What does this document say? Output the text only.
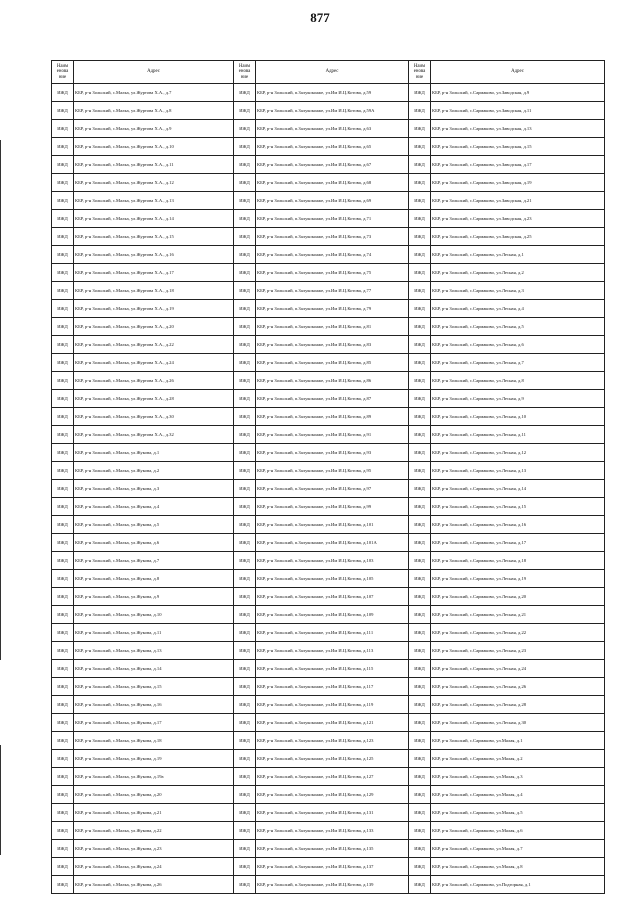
877
Наим енова ние	Адрес	Наим енова ние	Адрес	Наим енова ние	Адрес
ИЖД	КБР, р-н Зольский, с.Малка, ул.Журтова Х.А., д.7	ИЖД	КБР, р-н Зольский, п.Залукокоаже, ул.Им И.Ц.Котова, д.59	ИЖД	КБР, р-н Зольский, с.Сармаково, ул.Заводская, д.9
ИЖД	КБР, р-н Зольский, с.Малка, ул.Журтова Х.А., д.8	ИЖД	КБР, р-н Зольский, п.Залукокоаже, ул.Им И.Ц.Котова, д.59А	ИЖД	КБР, р-н Зольский, с.Сармаково, ул.Заводская, д.11
ИЖД	КБР, р-н Зольский, с.Малка, ул.Журтова Х.А., д.9	ИЖД	КБР, р-н Зольский, п.Залукокоаже, ул.Им И.Ц.Котова, д.63	ИЖД	КБР, р-н Зольский, с.Сармаково, ул.Заводская, д.13
ИЖД	КБР, р-н Зольский, с.Малка, ул.Журтова Х.А., д.10	ИЖД	КБР, р-н Зольский, п.Залукокоаже, ул.Им И.Ц.Котова, д.65	ИЖД	КБР, р-н Зольский, с.Сармаково, ул.Заводская, д.15
ИЖД	КБР, р-н Зольский, с.Малка, ул.Журтова Х.А., д.11	ИЖД	КБР, р-н Зольский, п.Залукокоаже, ул.Им И.Ц.Котова, д.67	ИЖД	КБР, р-н Зольский, с.Сармаково, ул.Заводская, д.17
ИЖД	КБР, р-н Зольский, с.Малка, ул.Журтова Х.А., д.12	ИЖД	КБР, р-н Зольский, п.Залукокоаже, ул.Им И.Ц.Котова, д.68	ИЖД	КБР, р-н Зольский, с.Сармаково, ул.Заводская, д.19
ИЖД	КБР, р-н Зольский, с.Малка, ул.Журтова Х.А., д.13	ИЖД	КБР, р-н Зольский, п.Залукокоаже, ул.Им И.Ц.Котова, д.69	ИЖД	КБР, р-н Зольский, с.Сармаково, ул.Заводская, д.21
ИЖД	КБР, р-н Зольский, с.Малка, ул.Журтова Х.А., д.14	ИЖД	КБР, р-н Зольский, п.Залукокоаже, ул.Им И.Ц.Котова, д.71	ИЖД	КБР, р-н Зольский, с.Сармаково, ул.Заводская, д.23
ИЖД	КБР, р-н Зольский, с.Малка, ул.Журтова Х.А., д.15	ИЖД	КБР, р-н Зольский, п.Залукокоаже, ул.Им И.Ц.Котова, д.73	ИЖД	КБР, р-н Зольский, с.Сармаково, ул.Заводская, д.25
ИЖД	КБР, р-н Зольский, с.Малка, ул.Журтова Х.А., д.16	ИЖД	КБР, р-н Зольский, п.Залукокоаже, ул.Им И.Ц.Котова, д.74	ИЖД	КБР, р-н Зольский, с.Сармаково, ул.Лесная, д.1
ИЖД	КБР, р-н Зольский, с.Малка, ул.Журтова Х.А., д.17	ИЖД	КБР, р-н Зольский, п.Залукокоаже, ул.Им И.Ц.Котова, д.75	ИЖД	КБР, р-н Зольский, с.Сармаково, ул.Лесная, д.2
ИЖД	КБР, р-н Зольский, с.Малка, ул.Журтова Х.А., д.18	ИЖД	КБР, р-н Зольский, п.Залукокоаже, ул.Им И.Ц.Котова, д.77	ИЖД	КБР, р-н Зольский, с.Сармаково, ул.Лесная, д.3
ИЖД	КБР, р-н Зольский, с.Малка, ул.Журтова Х.А., д.19	ИЖД	КБР, р-н Зольский, п.Залукокоаже, ул.Им И.Ц.Котова, д.79	ИЖД	КБР, р-н Зольский, с.Сармаково, ул.Лесная, д.4
ИЖД	КБР, р-н Зольский, с.Малка, ул.Журтова Х.А., д.20	ИЖД	КБР, р-н Зольский, п.Залукокоаже, ул.Им И.Ц.Котова, д.81	ИЖД	КБР, р-н Зольский, с.Сармаково, ул.Лесная, д.5
ИЖД	КБР, р-н Зольский, с.Малка, ул.Журтова Х.А., д.22	ИЖД	КБР, р-н Зольский, п.Залукокоаже, ул.Им И.Ц.Котова, д.83	ИЖД	КБР, р-н Зольский, с.Сармаково, ул.Лесная, д.6
ИЖД	КБР, р-н Зольский, с.Малка, ул.Журтова Х.А., д.24	ИЖД	КБР, р-н Зольский, п.Залукокоаже, ул.Им И.Ц.Котова, д.85	ИЖД	КБР, р-н Зольский, с.Сармаково, ул.Лесная, д.7
ИЖД	КБР, р-н Зольский, с.Малка, ул.Журтова Х.А., д.26	ИЖД	КБР, р-н Зольский, п.Залукокоаже, ул.Им И.Ц.Котова, д.86	ИЖД	КБР, р-н Зольский, с.Сармаково, ул.Лесная, д.8
ИЖД	КБР, р-н Зольский, с.Малка, ул.Журтова Х.А., д.28	ИЖД	КБР, р-н Зольский, п.Залукокоаже, ул.Им И.Ц.Котова, д.87	ИЖД	КБР, р-н Зольский, с.Сармаково, ул.Лесная, д.9
ИЖД	КБР, р-н Зольский, с.Малка, ул.Журтова Х.А., д.30	ИЖД	КБР, р-н Зольский, п.Залукокоаже, ул.Им И.Ц.Котова, д.89	ИЖД	КБР, р-н Зольский, с.Сармаково, ул.Лесная, д.10
ИЖД	КБР, р-н Зольский, с.Малка, ул.Журтова Х.А., д.32	ИЖД	КБР, р-н Зольский, п.Залукокоаже, ул.Им И.Ц.Котова, д.91	ИЖД	КБР, р-н Зольский, с.Сармаково, ул.Лесная, д.11
ИЖД	КБР, р-н Зольский, с.Малка, ул.Жукова, д.1	ИЖД	КБР, р-н Зольский, п.Залукокоаже, ул.Им И.Ц.Котова, д.93	ИЖД	КБР, р-н Зольский, с.Сармаково, ул.Лесная, д.12
ИЖД	КБР, р-н Зольский, с.Малка, ул.Жукова, д.2	ИЖД	КБР, р-н Зольский, п.Залукокоаже, ул.Им И.Ц.Котова, д.95	ИЖД	КБР, р-н Зольский, с.Сармаково, ул.Лесная, д.13
ИЖД	КБР, р-н Зольский, с.Малка, ул.Жукова, д.3	ИЖД	КБР, р-н Зольский, п.Залукокоаже, ул.Им И.Ц.Котова, д.97	ИЖД	КБР, р-н Зольский, с.Сармаково, ул.Лесная, д.14
ИЖД	КБР, р-н Зольский, с.Малка, ул.Жукова, д.4	ИЖД	КБР, р-н Зольский, п.Залукокоаже, ул.Им И.Ц.Котова, д.99	ИЖД	КБР, р-н Зольский, с.Сармаково, ул.Лесная, д.15
ИЖД	КБР, р-н Зольский, с.Малка, ул.Жукова, д.5	ИЖД	КБР, р-н Зольский, п.Залукокоаже, ул.Им И.Ц.Котова, д.101	ИЖД	КБР, р-н Зольский, с.Сармаково, ул.Лесная, д.16
ИЖД	КБР, р-н Зольский, с.Малка, ул.Жукова, д.6	ИЖД	КБР, р-н Зольский, п.Залукокоаже, ул.Им И.Ц.Котова, д.101А	ИЖД	КБР, р-н Зольский, с.Сармаково, ул.Лесная, д.17
ИЖД	КБР, р-н Зольский, с.Малка, ул.Жукова, д.7	ИЖД	КБР, р-н Зольский, п.Залукокоаже, ул.Им И.Ц.Котова, д.103	ИЖД	КБР, р-н Зольский, с.Сармаково, ул.Лесная, д.18
ИЖД	КБР, р-н Зольский, с.Малка, ул.Жукова, д.8	ИЖД	КБР, р-н Зольский, п.Залукокоаже, ул.Им И.Ц.Котова, д.105	ИЖД	КБР, р-н Зольский, с.Сармаково, ул.Лесная, д.19
ИЖД	КБР, р-н Зольский, с.Малка, ул.Жукова, д.9	ИЖД	КБР, р-н Зольский, п.Залукокоаже, ул.Им И.Ц.Котова, д.107	ИЖД	КБР, р-н Зольский, с.Сармаково, ул.Лесная, д.20
ИЖД	КБР, р-н Зольский, с.Малка, ул.Жукова, д.10	ИЖД	КБР, р-н Зольский, п.Залукокоаже, ул.Им И.Ц.Котова, д.109	ИЖД	КБР, р-н Зольский, с.Сармаково, ул.Лесная, д.21
ИЖД	КБР, р-н Зольский, с.Малка, ул.Жукова, д.11	ИЖД	КБР, р-н Зольский, п.Залукокоаже, ул.Им И.Ц.Котова, д.111	ИЖД	КБР, р-н Зольский, с.Сармаково, ул.Лесная, д.22
ИЖД	КБР, р-н Зольский, с.Малка, ул.Жукова, д.13	ИЖД	КБР, р-н Зольский, п.Залукокоаже, ул.Им И.Ц.Котова, д.113	ИЖД	КБР, р-н Зольский, с.Сармаково, ул.Лесная, д.23
ИЖД	КБР, р-н Зольский, с.Малка, ул.Жукова, д.14	ИЖД	КБР, р-н Зольский, п.Залукокоаже, ул.Им И.Ц.Котова, д.115	ИЖД	КБР, р-н Зольский, с.Сармаково, ул.Лесная, д.24
ИЖД	КБР, р-н Зольский, с.Малка, ул.Жукова, д.15	ИЖД	КБР, р-н Зольский, п.Залукокоаже, ул.Им И.Ц.Котова, д.117	ИЖД	КБР, р-н Зольский, с.Сармаково, ул.Лесная, д.26
ИЖД	КБР, р-н Зольский, с.Малка, ул.Жукова, д.16	ИЖД	КБР, р-н Зольский, п.Залукокоаже, ул.Им И.Ц.Котова, д.119	ИЖД	КБР, р-н Зольский, с.Сармаково, ул.Лесная, д.28
ИЖД	КБР, р-н Зольский, с.Малка, ул.Жукова, д.17	ИЖД	КБР, р-н Зольский, п.Залукокоаже, ул.Им И.Ц.Котова, д.121	ИЖД	КБР, р-н Зольский, с.Сармаково, ул.Лесная, д.30
ИЖД	КБР, р-н Зольский, с.Малка, ул.Жукова, д.18	ИЖД	КБР, р-н Зольский, п.Залукокоаже, ул.Им И.Ц.Котова, д.123	ИЖД	КБР, р-н Зольский, с.Сармаково, ул.Малая, д.1
ИЖД	КБР, р-н Зольский, с.Малка, ул.Жукова, д.19	ИЖД	КБР, р-н Зольский, п.Залукокоаже, ул.Им И.Ц.Котова, д.125	ИЖД	КБР, р-н Зольский, с.Сармаково, ул.Малая, д.2
ИЖД	КБР, р-н Зольский, с.Малка, ул.Жукова, д.19а	ИЖД	КБР, р-н Зольский, п.Залукокоаже, ул.Им И.Ц.Котова, д.127	ИЖД	КБР, р-н Зольский, с.Сармаково, ул.Малая, д.3
ИЖД	КБР, р-н Зольский, с.Малка, ул.Жукова, д.20	ИЖД	КБР, р-н Зольский, п.Залукокоаже, ул.Им И.Ц.Котова, д.129	ИЖД	КБР, р-н Зольский, с.Сармаково, ул.Малая, д.4
ИЖД	КБР, р-н Зольский, с.Малка, ул.Жукова, д.21	ИЖД	КБР, р-н Зольский, п.Залукокоаже, ул.Им И.Ц.Котова, д.131	ИЖД	КБР, р-н Зольский, с.Сармаково, ул.Малая, д.5
ИЖД	КБР, р-н Зольский, с.Малка, ул.Жукова, д.22	ИЖД	КБР, р-н Зольский, п.Залукокоаже, ул.Им И.Ц.Котова, д.133	ИЖД	КБР, р-н Зольский, с.Сармаково, ул.Малая, д.6
ИЖД	КБР, р-н Зольский, с.Малка, ул.Жукова, д.23	ИЖД	КБР, р-н Зольский, п.Залукокоаже, ул.Им И.Ц.Котова, д.135	ИЖД	КБР, р-н Зольский, с.Сармаково, ул.Малая, д.7
ИЖД	КБР, р-н Зольский, с.Малка, ул.Жукова, д.24	ИЖД	КБР, р-н Зольский, п.Залукокоаже, ул.Им И.Ц.Котова, д.137	ИЖД	КБР, р-н Зольский, с.Сармаково, ул.Малая, д.8
ИЖД	КБР, р-н Зольский, с.Малка, ул.Жукова, д.26	ИЖД	КБР, р-н Зольский, п.Залукокоаже, ул.Им И.Ц.Котова, д.139	ИЖД	КБР, р-н Зольский, с.Сармаково, ул.Подгорная, д.1
